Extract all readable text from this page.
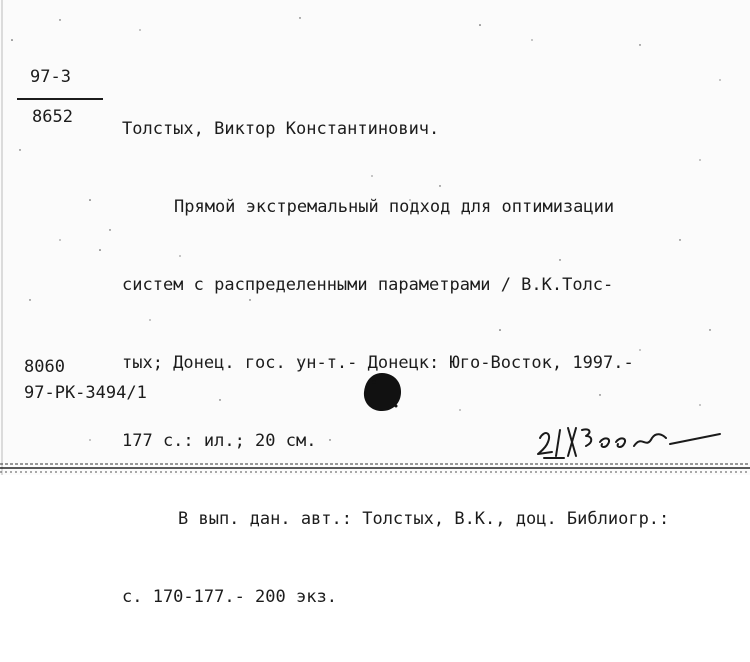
97-3
8652

Толстых, Виктор Константинович.

Прямой экстремальный подход для оптимизации

систем с распределенными параметрами / В.К.Толс-

тых; Донец. гос. ун-т.- Донецк: Юго-Восток, 1997.-

177 с.: ил.; 20 см.

В вып. дан. авт.: Толстых, В.К., доц. Библиогр.:

с. 170-177.- 200 экз.

8060
97-РК-3494/1
